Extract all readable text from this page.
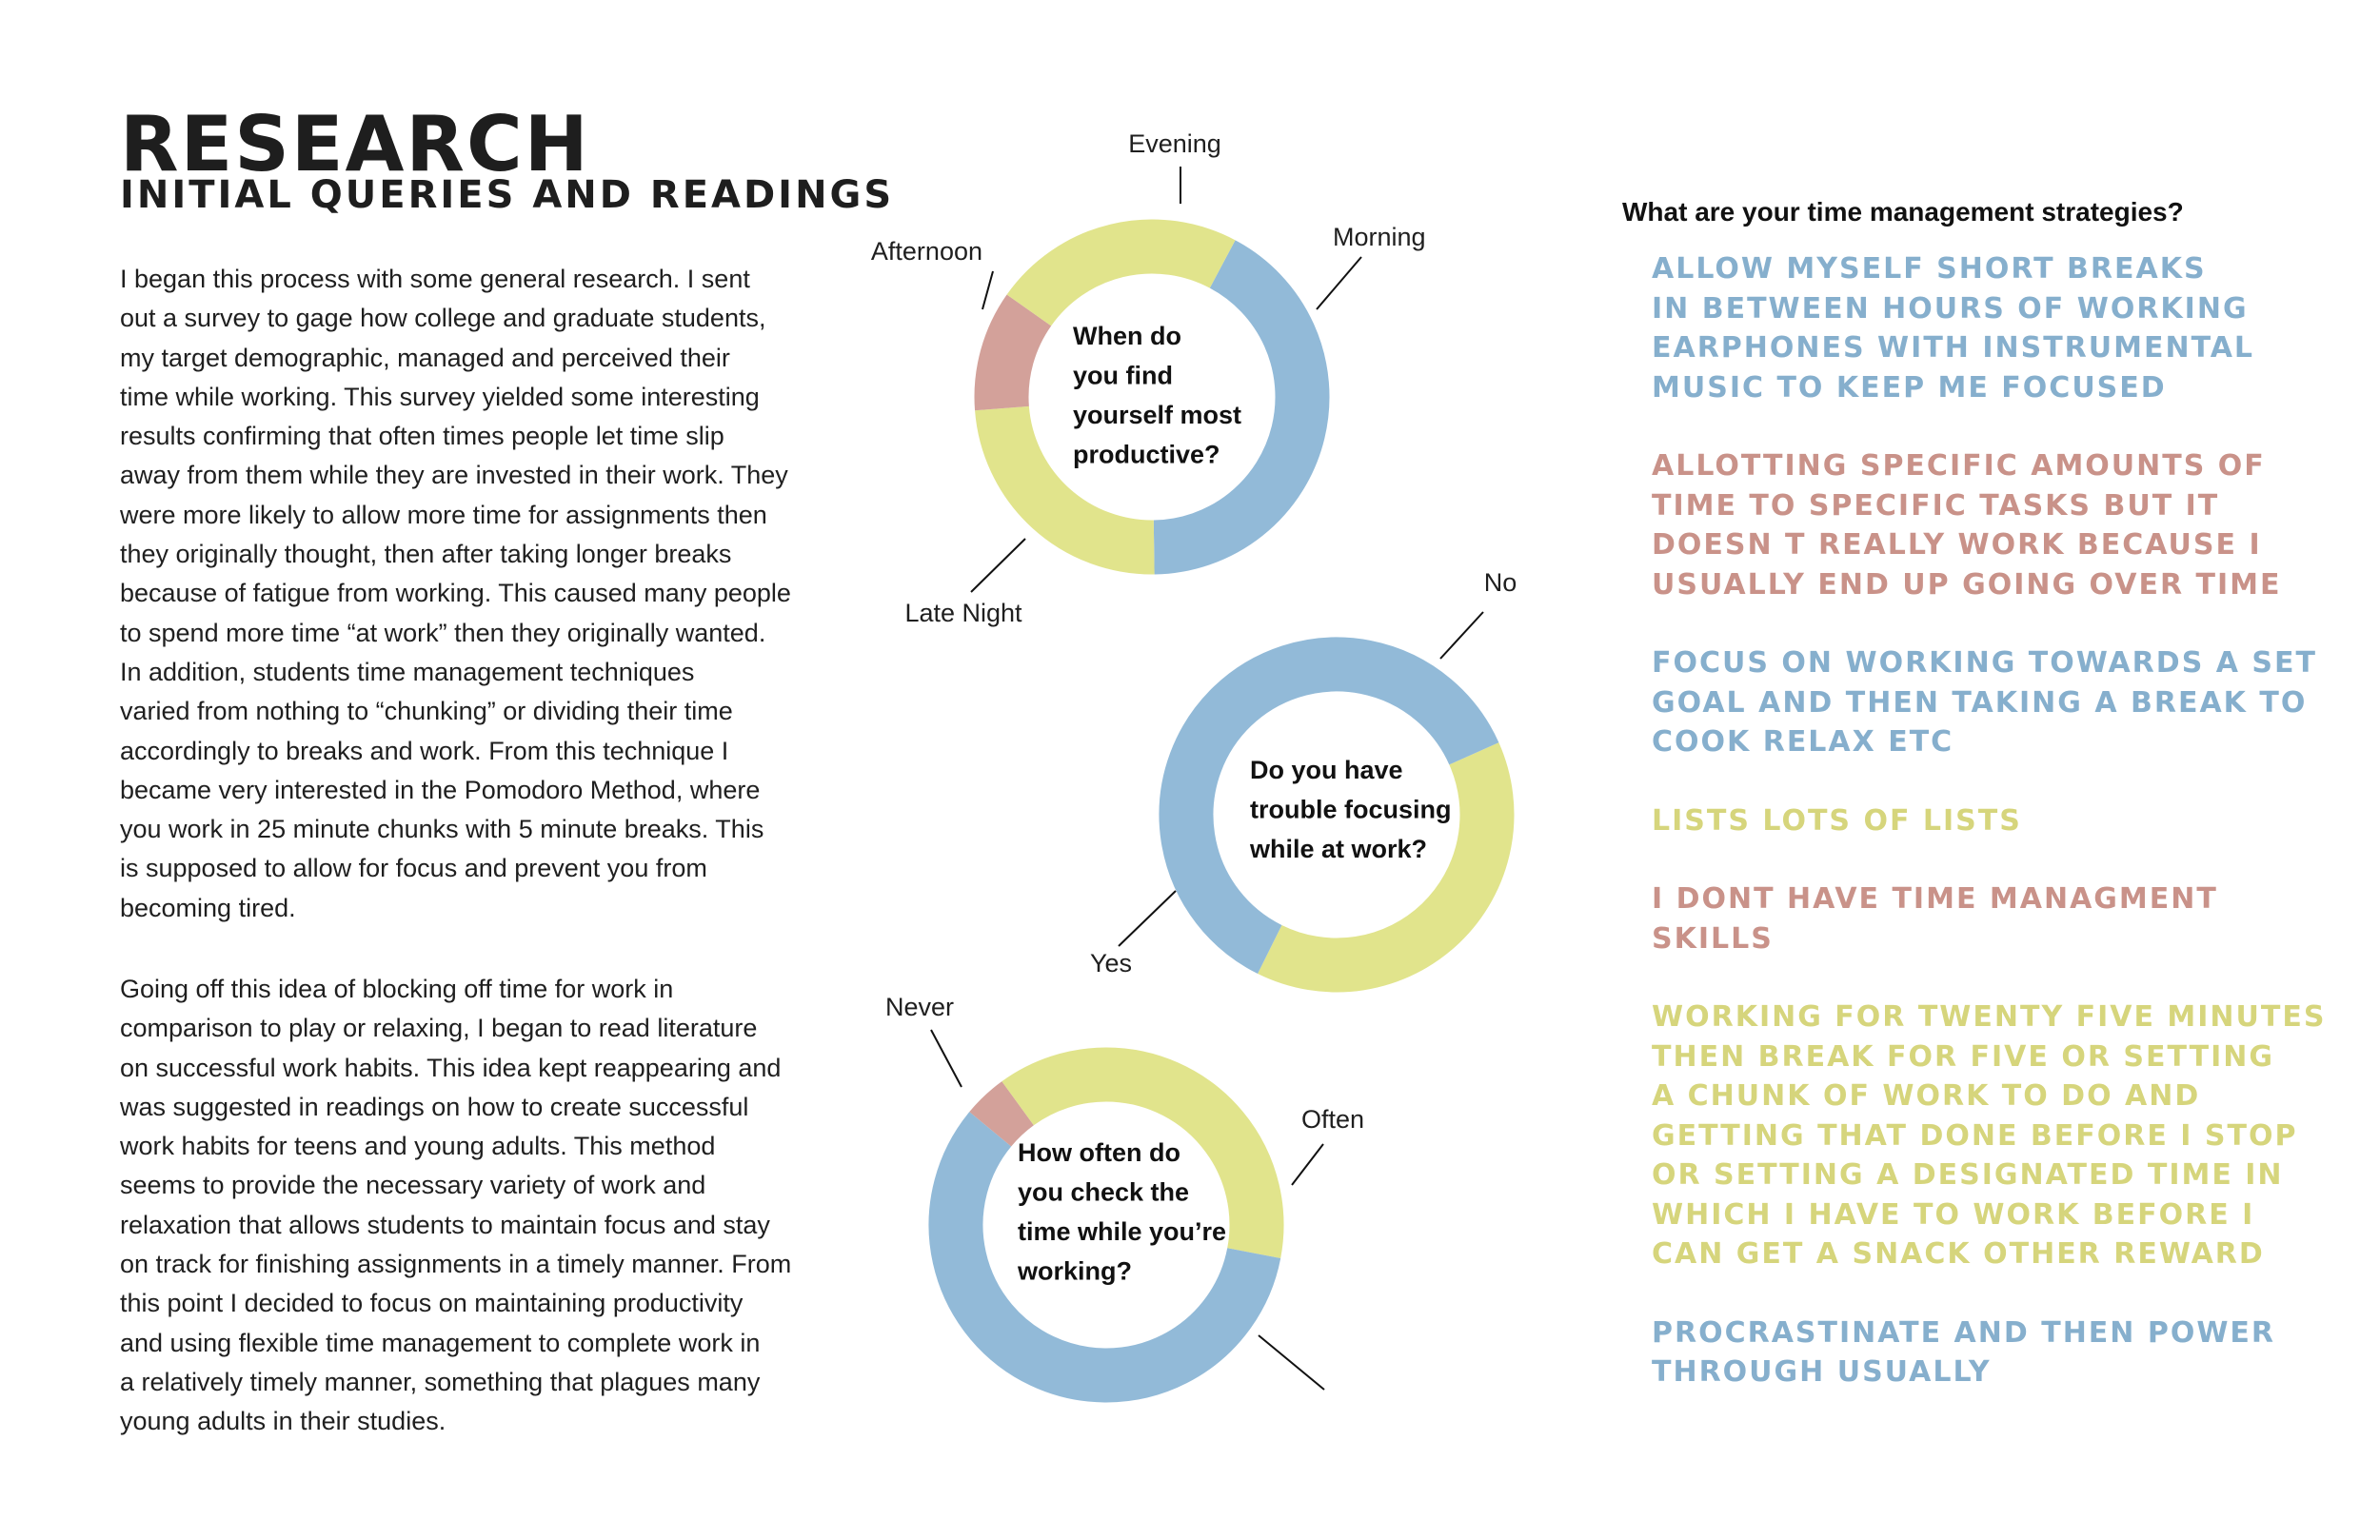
RESEARCH
INITIAL QUERIES AND READINGS
I began this process with some general research. I sent
out a survey to gage how college and graduate students,
my target demographic, managed and perceived their
time while working. This survey yielded some interesting
results confirming that often times people let time slip
away from them while they are invested in their work. They
were more likely to allow more time for assignments then
they originally thought, then after taking longer breaks
because of fatigue from working. This caused many people
to spend more time “at work” then they originally wanted.
In addition, students time management techniques
varied from nothing to “chunking” or dividing their time
accordingly to breaks and work. From this technique I
became very interested in the Pomodoro Method, where
you work in 25 minute chunks with 5 minute breaks. This
is supposed to allow for focus and prevent you from
becoming tired.
Going off this idea of blocking off time for work in
comparison to play or relaxing, I began to read literature
on successful work habits. This idea kept reappearing and
was suggested in readings on how to create successful
work habits for teens and young adults. This method
seems to provide the necessary variety of work and
relaxation that allows students to maintain focus and stay
on track for finishing assignments in a timely manner. From
this point I decided to focus on maintaining productivity
and using flexible time management to complete work in
a relatively timely manner, something that plagues many
young adults in their studies.
Morning
Late Night
Afternoon
Evening
When do
you find
yourself most
productive?
No
Yes
Do you have
trouble focusing
while at work?
Often
Never
How often do
you check the
time while you’re
working?
What are your time management strategies?
ALLOW MYSELF SHORT BREAKS
IN BETWEEN HOURS OF WORKING
EARPHONES WITH INSTRUMENTAL
MUSIC TO KEEP ME FOCUSED
ALLOTTING SPECIFIC AMOUNTS OF
TIME TO SPECIFIC TASKS BUT IT
DOESN T REALLY WORK BECAUSE I
USUALLY END UP GOING OVER TIME
FOCUS ON WORKING TOWARDS A SET
GOAL AND THEN TAKING A BREAK TO
COOK RELAX ETC
LISTS LOTS OF LISTS
I DONT HAVE TIME MANAGMENT
SKILLS
WORKING FOR TWENTY FIVE MINUTES
THEN BREAK FOR FIVE OR SETTING
A CHUNK OF WORK TO DO AND
GETTING THAT DONE BEFORE I STOP
OR SETTING A DESIGNATED TIME IN
WHICH I HAVE TO WORK BEFORE I
CAN GET A SNACK OTHER REWARD
PROCRASTINATE AND THEN POWER
THROUGH USUALLY
